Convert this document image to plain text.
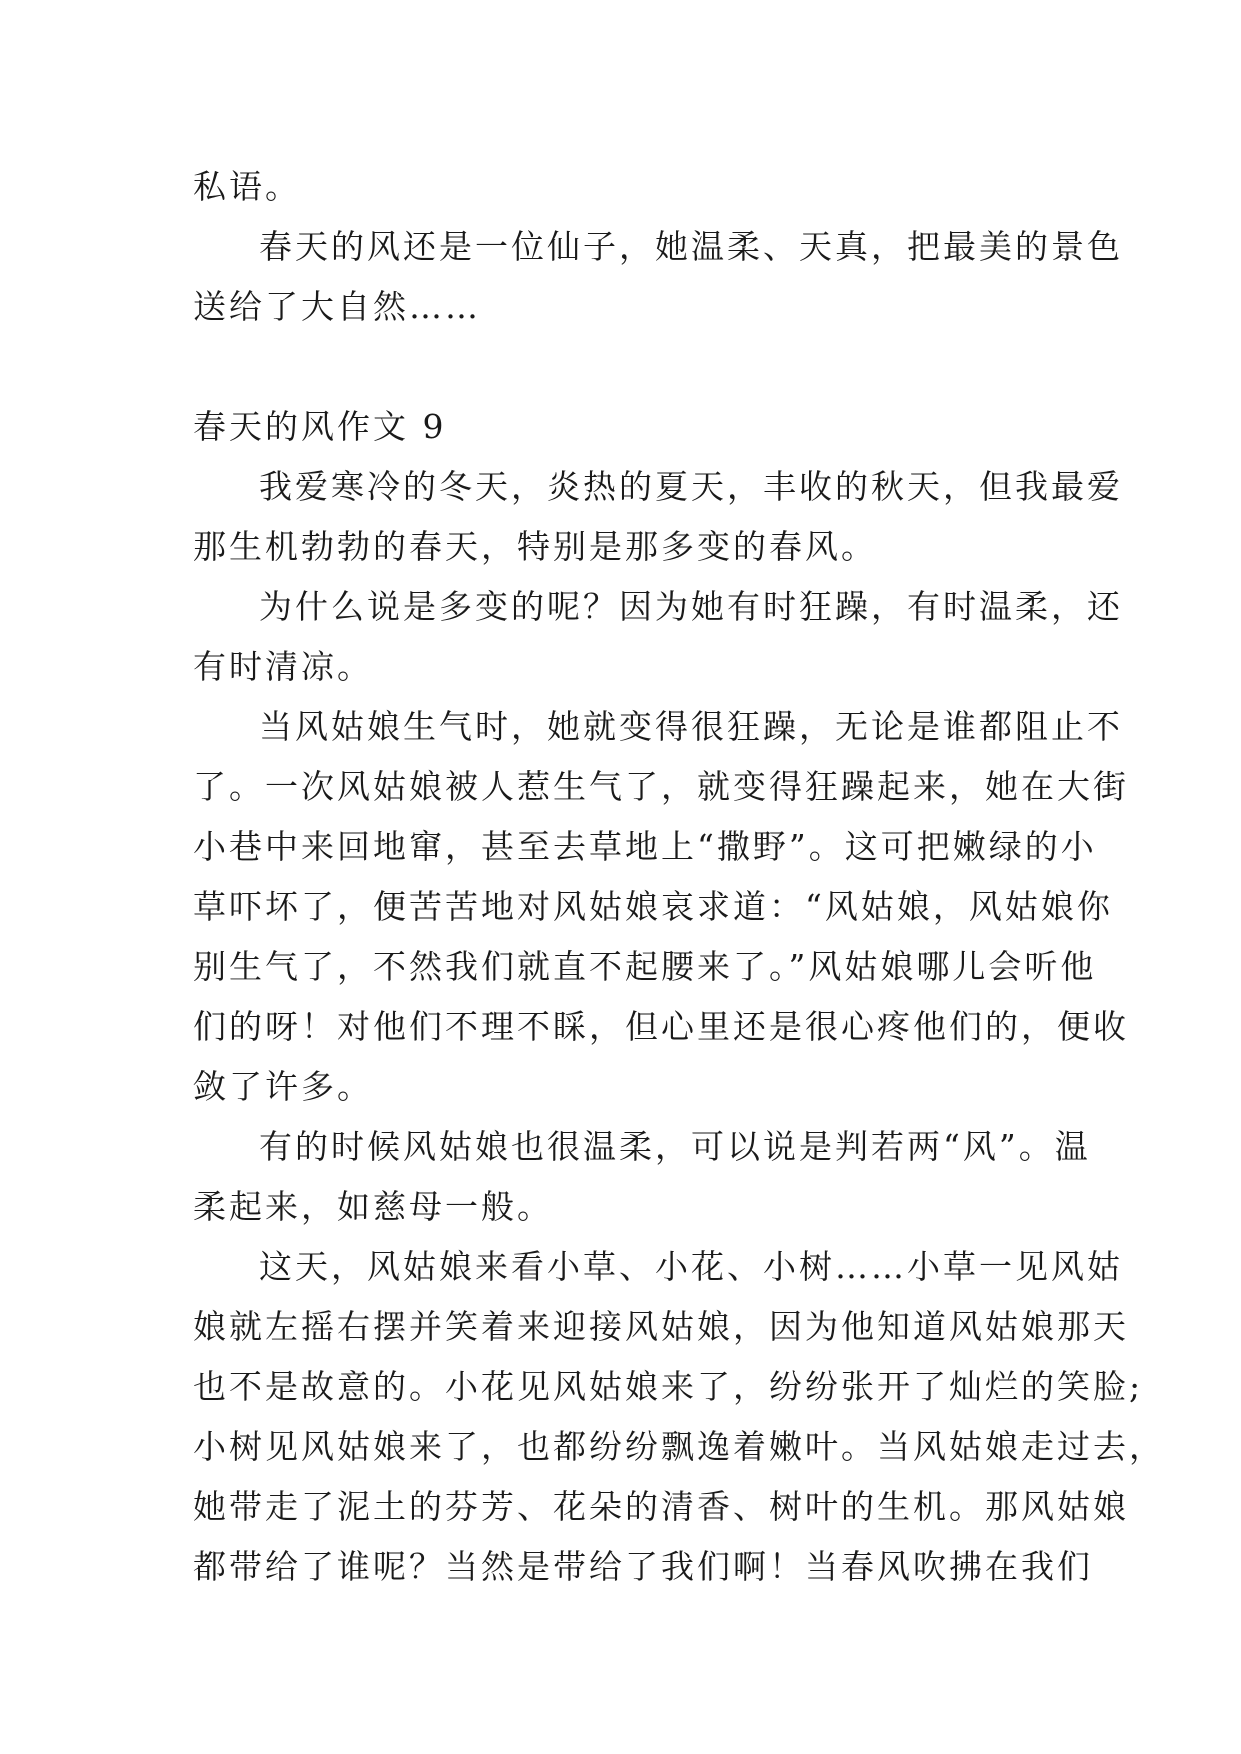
私语。
春天的风还是一位仙子，她温柔、天真，把最美的景色
送给了大自然……
春天的风作文 9
我爱寒冷的冬天，炎热的夏天，丰收的秋天，但我最爱
那生机勃勃的春天，特别是那多变的春风。
为什么说是多变的呢？因为她有时狂躁，有时温柔，还
有时清凉。
当风姑娘生气时，她就变得很狂躁，无论是谁都阻止不
了。一次风姑娘被人惹生气了，就变得狂躁起来，她在大街
小巷中来回地窜，甚至去草地上“撒野”。这可把嫩绿的小
草吓坏了，便苦苦地对风姑娘哀求道：“风姑娘，风姑娘你
别生气了，不然我们就直不起腰来了。”风姑娘哪儿会听他
们的呀！对他们不理不睬，但心里还是很心疼他们的，便收
敛了许多。
有的时候风姑娘也很温柔，可以说是判若两“风”。温
柔起来，如慈母一般。
这天，风姑娘来看小草、小花、小树……小草一见风姑
娘就左摇右摆并笑着来迎接风姑娘，因为他知道风姑娘那天
也不是故意的。小花见风姑娘来了，纷纷张开了灿烂的笑脸;
小树见风姑娘来了，也都纷纷飘逸着嫩叶。当风姑娘走过去，
她带走了泥土的芬芳、花朵的清香、树叶的生机。那风姑娘
都带给了谁呢？当然是带给了我们啊！当春风吹拂在我们
